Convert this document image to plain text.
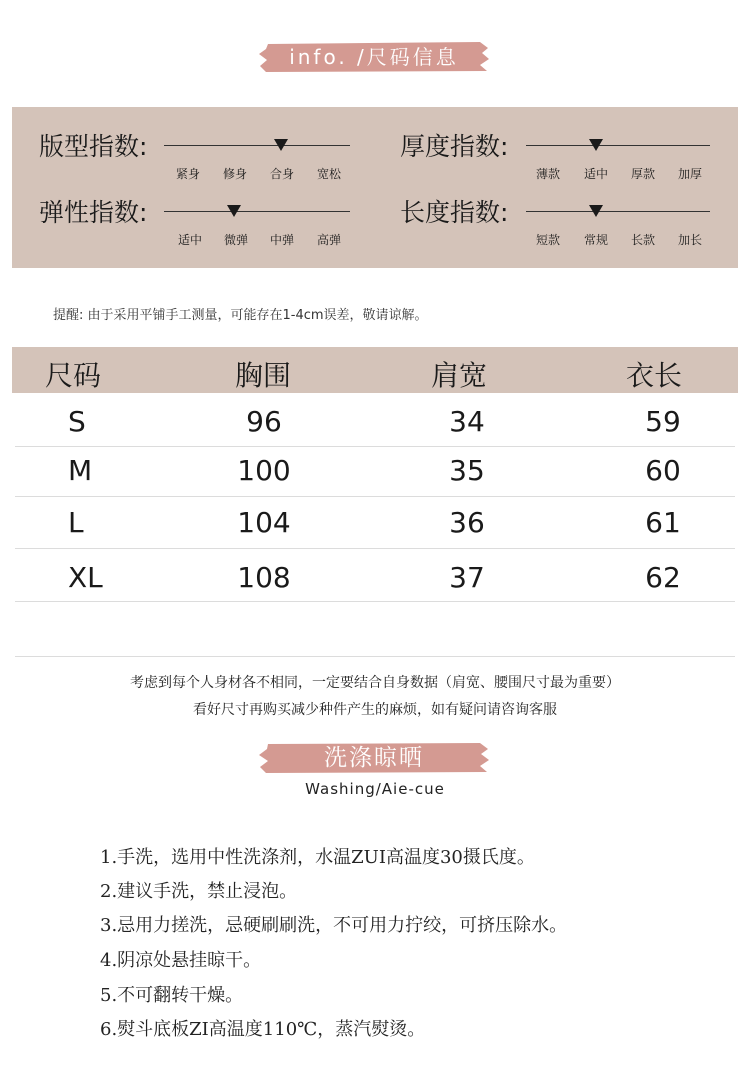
info. /尺码信息
版型指数:
紧身	修身	合身	宽松
厚度指数:
薄款	适中	厚款	加厚
弹性指数:
适中	微弹	中弹	高弹
长度指数:
短款	常规	长款	加长
提醒: 由于采用平铺手工测量，可能存在1-4cm误差，敬请谅解。
尺码	胸围	肩宽	衣长
S	96	34	59
M	100	35	60
L	104	36	61
XL	108	37	62
考虑到每个人身材各不相同，一定要结合自身数据（肩宽、腰围尺寸最为重要）
看好尺寸再购买减少种件产生的麻烦，如有疑问请咨询客服
洗涤晾晒
Washing/Aie-cue
1.手洗，选用中性洗涤剂，水温ZUI高温度30摄氏度。
2.建议手洗，禁止浸泡。
3.忌用力搓洗，忌硬刷刷洗，不可用力拧绞，可挤压除水。
4.阴凉处悬挂晾干。
5.不可翻转干燥。
6.熨斗底板ZI高温度110℃，蒸汽熨烫。
